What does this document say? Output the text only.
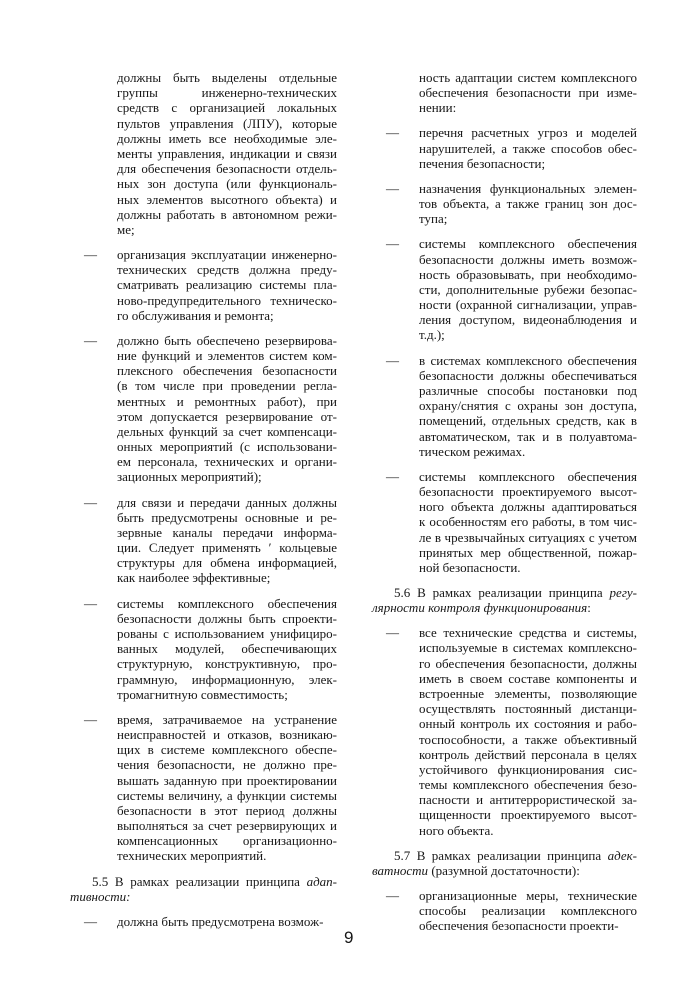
должны быть выделены отдельные
группы инженерно-технических
средств с организацией локальных
пультов управления (ЛПУ), которые
должны иметь все необходимые эле-
менты управления, индикации и связи
для обеспечения безопасности отдель-
ных зон доступа (или функциональ-
ных элементов высотного объекта) и
должны работать в автономном режи-
ме;
— организация эксплуатации инженерно-
технических средств должна преду-
сматривать реализацию системы пла-
ново-предупредительного техническо-
го обслуживания и ремонта;
— должно быть обеспечено резервирова-
ние функций и элементов систем ком-
плексного обеспечения безопасности
(в том числе при проведении регла-
ментных и ремонтных работ), при
этом допускается резервирование от-
дельных функций за счет компенсаци-
онных мероприятий (с использовани-
ем персонала, технических и органи-
зационных мероприятий);
— для связи и передачи данных должны
быть предусмотрены основные и ре-
зервные каналы передачи информа-
ции. Следует применять ′ кольцевые
структуры для обмена информацией,
как наиболее эффективные;
— системы комплексного обеспечения
безопасности должны быть спроекти-
рованы с использованием унифициро-
ванных модулей, обеспечивающих
структурную, конструктивную, про-
граммную, информационную, элек-
тромагнитную совместимость;
— время, затрачиваемое на устранение
неисправностей и отказов, возникаю-
щих в системе комплексного обеспе-
чения безопасности, не должно пре-
вышать заданную при проектировании
системы величину, а функции системы
безопасности в этот период должны
выполняться за счет резервирующих и
компенсационных организационно-
технических мероприятий.
5.5 В рамках реализации принципа адап-
тивности:
— должна быть предусмотрена возмож-
ность адаптации систем комплексного
обеспечения безопасности при изме-
нении:
— перечня расчетных угроз и моделей
нарушителей, а также способов обес-
печения безопасности;
— назначения функциональных элемен-
тов объекта, а также границ зон дос-
тупа;
— системы комплексного обеспечения
безопасности должны иметь возмож-
ность образовывать, при необходимо-
сти, дополнительные рубежи безопас-
ности (охранной сигнализации, управ-
ления доступом, видеонаблюдения и
т.д.);
— в системах комплексного обеспечения
безопасности должны обеспечиваться
различные способы постановки под
охрану/снятия с охраны зон доступа,
помещений, отдельных средств, как в
автоматическом, так и в полуавтома-
тическом режимах.
— системы комплексного обеспечения
безопасности проектируемого высот-
ного объекта должны адаптироваться
к особенностям его работы, в том чис-
ле в чрезвычайных ситуациях с учетом
принятых мер общественной, пожар-
ной безопасности.
5.6 В рамках реализации принципа регу-
лярности контроля функционирования:
— все технические средства и системы,
используемые в системах комплексно-
го обеспечения безопасности, должны
иметь в своем составе компоненты и
встроенные элементы, позволяющие
осуществлять постоянный дистанци-
онный контроль их состояния и рабо-
тоспособности, а также объективный
контроль действий персонала в целях
устойчивого функционирования сис-
темы комплексного обеспечения безо-
пасности и антитеррористической за-
щищенности проектируемого высот-
ного объекта.
5.7 В рамках реализации принципа адек-
ватности (разумной достаточности):
— организационные меры, технические
способы реализации комплексного
обеспечения безопасности проекти-
9
